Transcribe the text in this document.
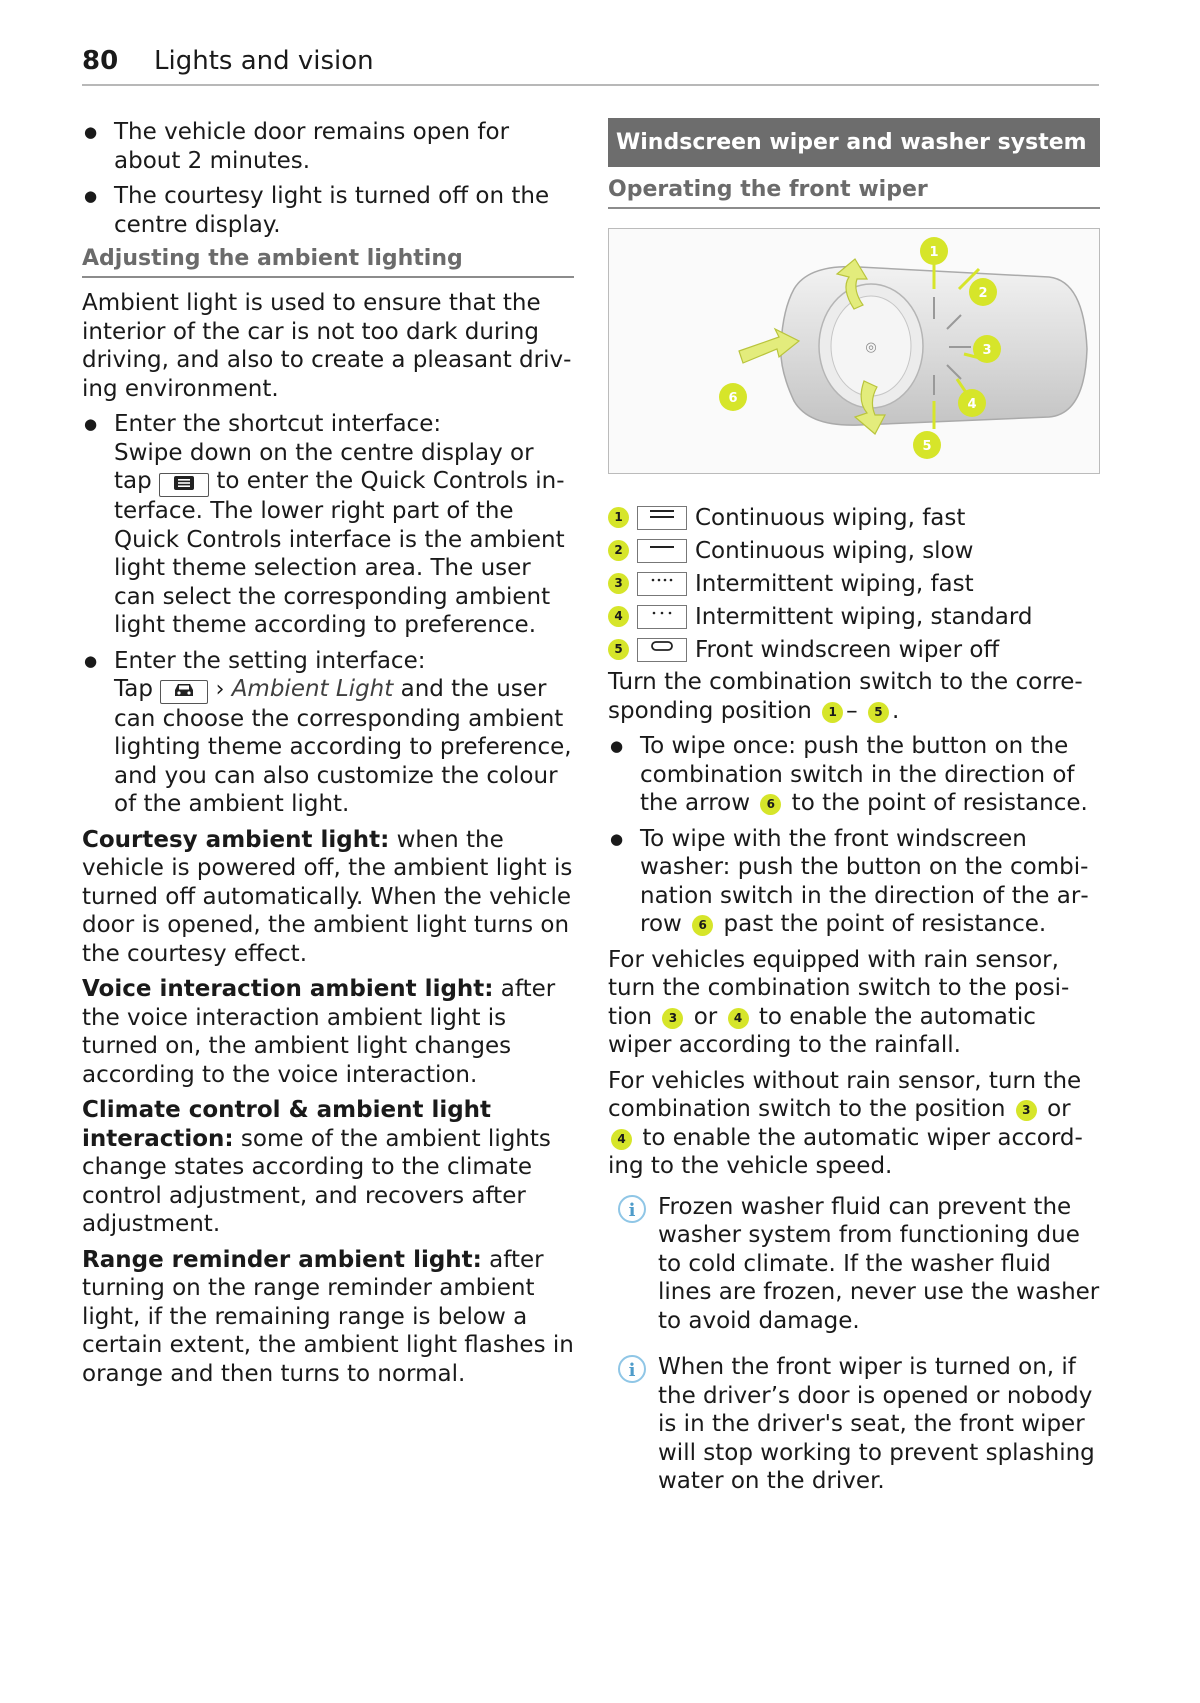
80 Lights and vision
● The vehicle door remains open for about 2 minutes.
● The courtesy light is turned off on the centre display.
Adjusting the ambient lighting

Ambient light is used to ensure that the interior of the car is not too dark during driving, and also to create a pleasant driving environment.

● Enter the shortcut interface:
Swipe down on the centre display or
tap	to enter the Quick Controls interface. The lower right part of the Quick Controls interface is the ambient light theme selection area. The user can select the corresponding ambient light theme according to preference.
● Enter the setting interface:
Tap	› Ambient Light and the user can choose the corresponding ambient lighting theme according to preference, and you can also customize the colour of the ambient light.

Courtesy ambient light: when the vehicle is powered off, the ambient light is turned off automatically. When the vehicle door is opened, the ambient light turns on the courtesy effect.

Voice interaction ambient light: after the voice interaction ambient light is turned on, the ambient light changes according to the voice interaction.

Climate control & ambient light interaction: some of the ambient lights change states according to the climate control adjustment, and recovers after adjustment.

Range reminder ambient light: after turning on the range reminder ambient light, if the remaining range is below a certain extent, the ambient light flashes in orange and then turns to normal.

Windscreen wiper and washer system
Operating the front wiper
◎
1
2
3
4
5
6
1	Continuous wiping, fast
2	Continuous wiping, slow
3	Intermittent wiping, fast
4	Intermittent wiping, standard
5	Front windscreen wiper off

Turn the combination switch to the corresponding position 1 – 5 .

● To wipe once: push the button on the combination switch in the direction of the arrow 6 to the point of resistance.
● To wipe with the front windscreen washer: push the button on the combination switch in the direction of the arrow 6 past the point of resistance.

For vehicles equipped with rain sensor, turn the combination switch to the position 3 or 4 to enable the automatic wiper according to the rainfall.

For vehicles without rain sensor, turn the combination switch to the position 3 or 4 to enable the automatic wiper according to the vehicle speed.

i Frozen washer fluid can prevent the washer system from functioning due to cold climate. If the washer fluid lines are frozen, never use the washer to avoid damage.
i When the front wiper is turned on, if the driver’s door is opened or nobody is in the driver's seat, the front wiper will stop working to prevent splashing water on the driver.
